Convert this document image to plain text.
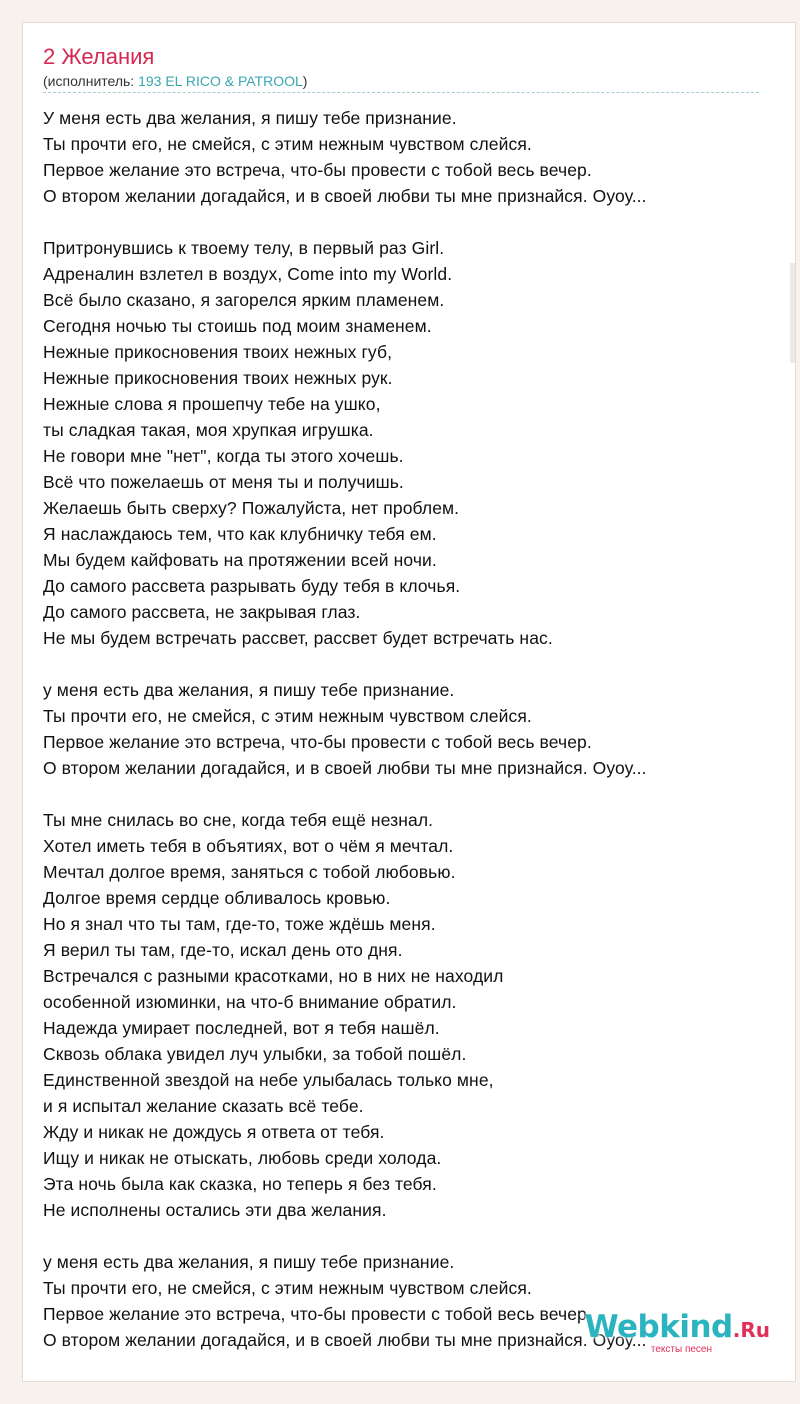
2 Желания
(исполнитель: 193 EL RICO & PATROOL)
У меня есть два желания, я пишу тебе признание.
Ты прочти его, не смейся, с этим нежным чувством слейся.
Первое желание это встреча, что-бы провести с тобой весь вечер.
О втором желании догадайся, и в своей любви ты мне признайся. Оуоу...

Притронувшись к твоему телу, в первый раз Girl.
Адреналин взлетел в воздух, Come into my World.
Всё было сказано, я загорелся ярким пламенем.
Сегодня ночью ты стоишь под моим знаменем.
Нежные прикосновения твоих нежных губ,
Нежные прикосновения твоих нежных рук.
Нежные слова я прошепчу тебе на ушко,
ты сладкая такая, моя хрупкая игрушка.
Не говори мне "нет", когда ты этого хочешь.
Всё что пожелаешь от меня ты и получишь.
Желаешь быть сверху? Пожалуйста, нет проблем.
Я наслаждаюсь тем, что как клубничку тебя ем.
Мы будем кайфовать на протяжении всей ночи.
До самого рассвета разрывать буду тебя в клочья.
До самого рассвета, не закрывая глаз.
Не мы будем встречать рассвет, рассвет будет встречать нас.

у меня есть два желания, я пишу тебе признание.
Ты прочти его, не смейся, с этим нежным чувством слейся.
Первое желание это встреча, что-бы провести с тобой весь вечер.
О втором желании догадайся, и в своей любви ты мне признайся. Оуоу...

Ты мне снилась во сне, когда тебя ещё незнал.
Хотел иметь тебя в объятиях, вот о чём я мечтал.
Мечтал долгое время, заняться с тобой любовью.
Долгое время сердце обливалось кровью.
Но я знал что ты там, где-то, тоже ждёшь меня.
Я верил ты там, где-то, искал день ото дня.
Встречался с разными красотками, но в них не находил
особенной изюминки, на что-б внимание обратил.
Надежда умирает последней, вот я тебя нашёл.
Сквозь облака увидел луч улыбки, за тобой пошёл.
Единственной звездой на небе улыбалась только мне,
и я испытал желание сказать всё тебе.
Жду и никак не дождусь я ответа от тебя.
Ищу и никак не отыскать, любовь среди холода.
Эта ночь была как сказка, но теперь я без тебя.
Не исполнены остались эти два желания.

у меня есть два желания, я пишу тебе признание.
Ты прочти его, не смейся, с этим нежным чувством слейся.
Первое желание это встреча, что-бы провести с тобой весь вечер.
О втором желании догадайся, и в своей любви ты мне признайся. Оуоу...

Webkind.Ru
тексты песен
